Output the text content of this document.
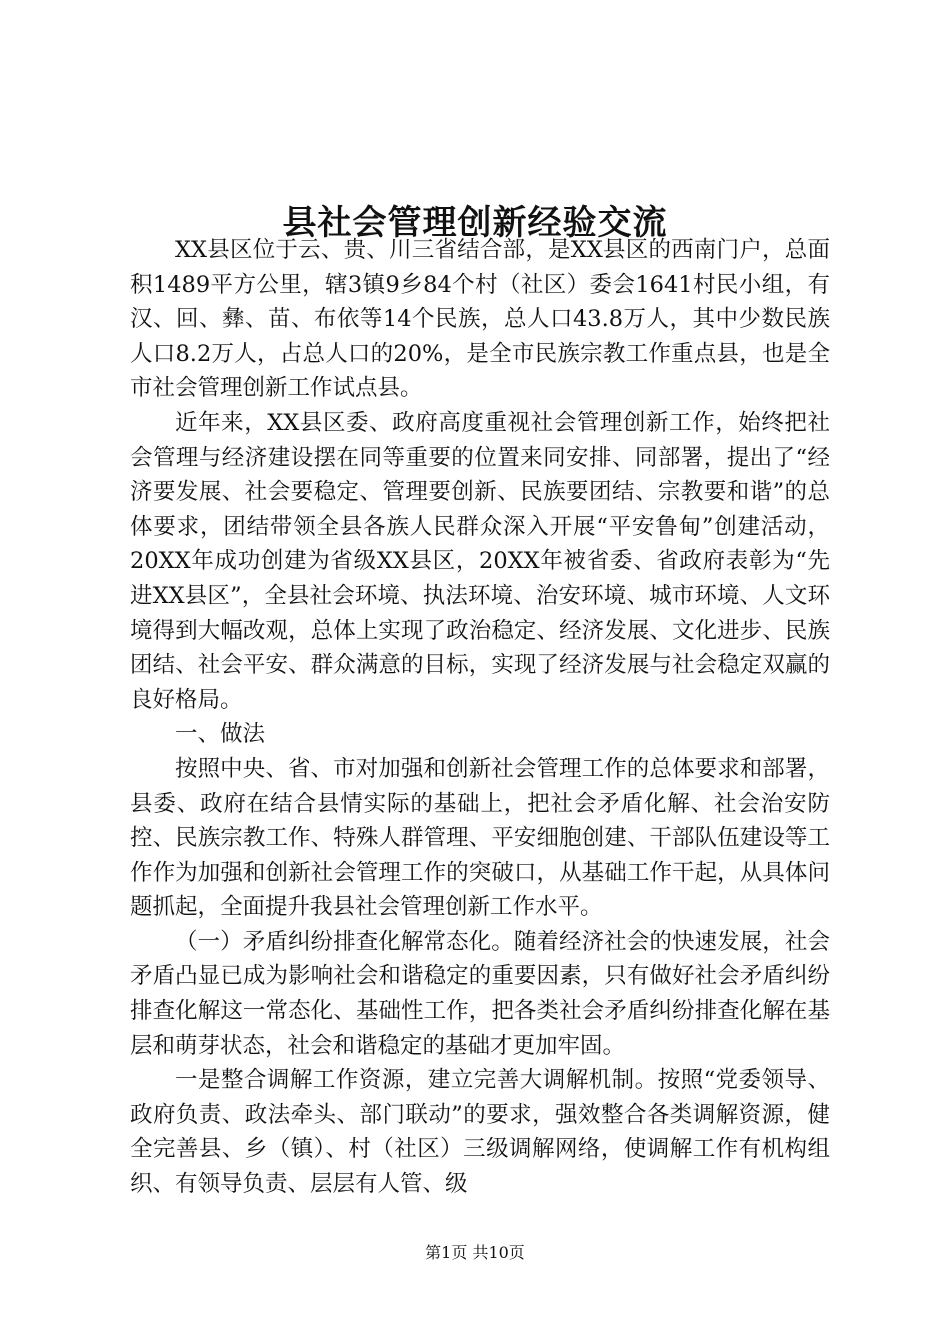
县社会管理创新经验交流

XX县区位于云、贵、川三省结合部，是XX县区的西南门户，总面积1489平方公里，辖3镇9乡84个村（社区）委会1641村民小组，有汉、回、彝、苗、布依等14个民族，总人口43.8万人，其中少数民族人口8.2万人，占总人口的20%，是全市民族宗教工作重点县，也是全市社会管理创新工作试点县。

近年来，XX县区委、政府高度重视社会管理创新工作，始终把社会管理与经济建设摆在同等重要的位置来同安排、同部署，提出了“经济要发展、社会要稳定、管理要创新、民族要团结、宗教要和谐”的总体要求，团结带领全县各族人民群众深入开展“平安鲁甸”创建活动，20XX年成功创建为省级XX县区，20XX年被省委、省政府表彰为“先进XX县区”，全县社会环境、执法环境、治安环境、城市环境、人文环境得到大幅改观，总体上实现了政治稳定、经济发展、文化进步、民族团结、社会平安、群众满意的目标，实现了经济发展与社会稳定双赢的良好格局。

一、做法

按照中央、省、市对加强和创新社会管理工作的总体要求和部署，县委、政府在结合县情实际的基础上，把社会矛盾化解、社会治安防控、民族宗教工作、特殊人群管理、平安细胞创建、干部队伍建设等工作作为加强和创新社会管理工作的突破口，从基础工作干起，从具体问题抓起，全面提升我县社会管理创新工作水平。

（一）矛盾纠纷排查化解常态化。随着经济社会的快速发展，社会矛盾凸显已成为影响社会和谐稳定的重要因素，只有做好社会矛盾纠纷排查化解这一常态化、基础性工作，把各类社会矛盾纠纷排查化解在基层和萌芽状态，社会和谐稳定的基础才更加牢固。

一是整合调解工作资源，建立完善大调解机制。按照“党委领导、政府负责、政法牵头、部门联动”的要求，强效整合各类调解资源，健全完善县、乡（镇）、村（社区）三级调解网络，使调解工作有机构组织、有领导负责、层层有人管、级

第1页 共10页
